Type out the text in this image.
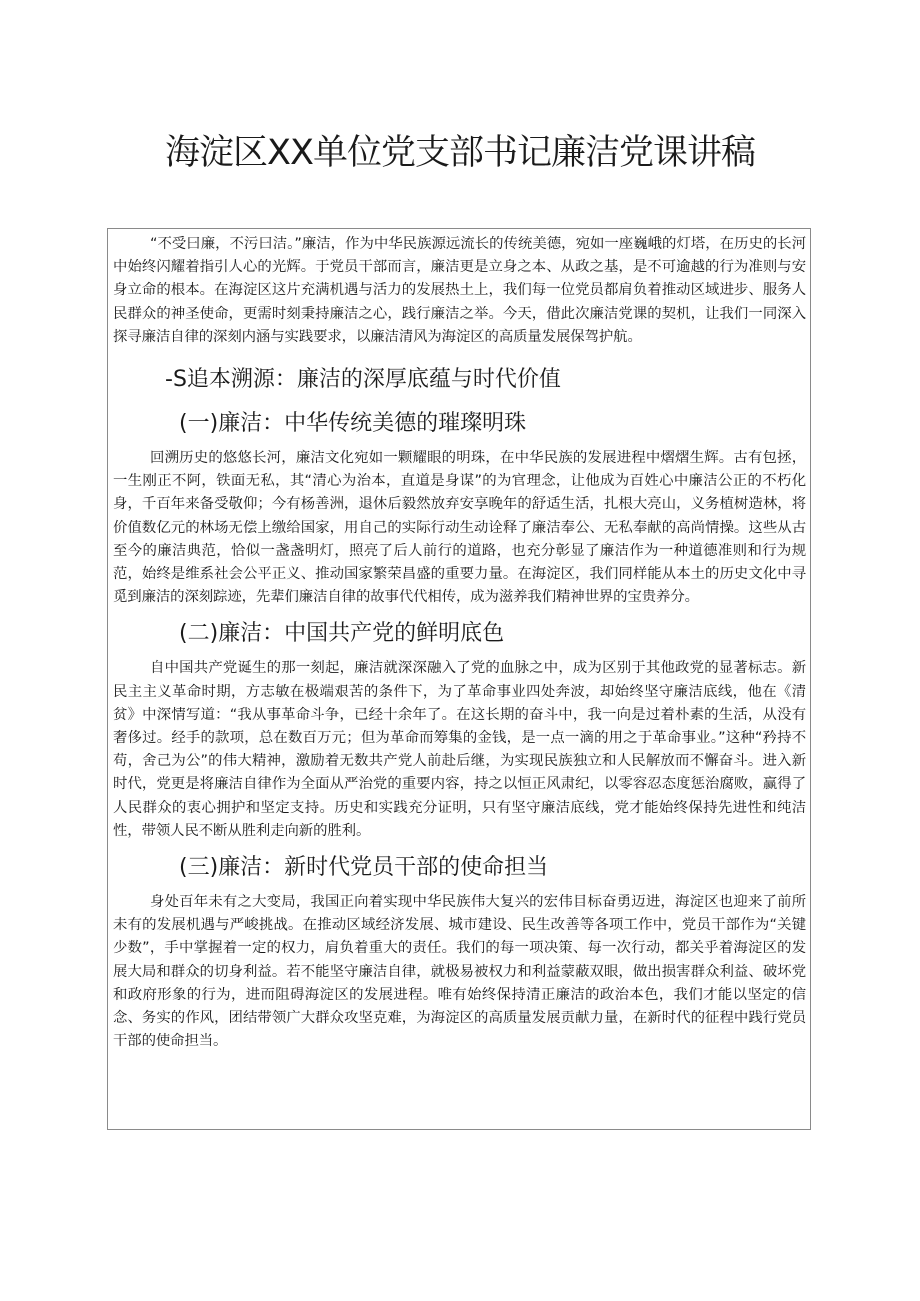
海淀区XX单位党支部书记廉洁党课讲稿

“不受曰廉，不污曰洁。”廉洁，作为中华民族源远流长的传统美德，宛如一座巍峨的灯塔，在历史的长河中始终闪耀着指引人心的光辉。于党员干部而言，廉洁更是立身之本、从政之基，是不可逾越的行为准则与安身立命的根本。在海淀区这片充满机遇与活力的发展热土上，我们每一位党员都肩负着推动区域进步、服务人民群众的神圣使命，更需时刻秉持廉洁之心，践行廉洁之举。今天，借此次廉洁党课的契机，让我们一同深入探寻廉洁自律的深刻内涵与实践要求，以廉洁清风为海淀区的高质量发展保驾护航。

-S追本溯源：廉洁的深厚底蕴与时代价值
(一)廉洁：中华传统美德的璀璨明珠

回溯历史的悠悠长河，廉洁文化宛如一颗耀眼的明珠，在中华民族的发展进程中熠熠生辉。古有包拯，一生刚正不阿，铁面无私，其“清心为治本，直道是身谋”的为官理念，让他成为百姓心中廉洁公正的不朽化身，千百年来备受敬仰；今有杨善洲，退休后毅然放弃安享晚年的舒适生活，扎根大亮山，义务植树造林，将价值数亿元的林场无偿上缴给国家，用自己的实际行动生动诠释了廉洁奉公、无私奉献的高尚情操。这些从古至今的廉洁典范，恰似一盏盏明灯，照亮了后人前行的道路，也充分彰显了廉洁作为一种道德准则和行为规范，始终是维系社会公平正义、推动国家繁荣昌盛的重要力量。在海淀区，我们同样能从本土的历史文化中寻觅到廉洁的深刻踪迹，先辈们廉洁自律的故事代代相传，成为滋养我们精神世界的宝贵养分。

(二)廉洁：中国共产党的鲜明底色

自中国共产党诞生的那一刻起，廉洁就深深融入了党的血脉之中，成为区别于其他政党的显著标志。新民主主义革命时期，方志敏在极端艰苦的条件下，为了革命事业四处奔波，却始终坚守廉洁底线，他在《清贫》中深情写道：“我从事革命斗争，已经十余年了。在这长期的奋斗中，我一向是过着朴素的生活，从没有奢侈过。经手的款项，总在数百万元；但为革命而筹集的金钱，是一点一滴的用之于革命事业。”这种“矜持不苟，舍己为公”的伟大精神，激励着无数共产党人前赴后继，为实现民族独立和人民解放而不懈奋斗。进入新时代，党更是将廉洁自律作为全面从严治党的重要内容，持之以恒正风肃纪，以零容忍态度惩治腐败，赢得了人民群众的衷心拥护和坚定支持。历史和实践充分证明，只有坚守廉洁底线，党才能始终保持先进性和纯洁性，带领人民不断从胜利走向新的胜利。

(三)廉洁：新时代党员干部的使命担当

身处百年未有之大变局，我国正向着实现中华民族伟大复兴的宏伟目标奋勇迈进，海淀区也迎来了前所未有的发展机遇与严峻挑战。在推动区域经济发展、城市建设、民生改善等各项工作中，党员干部作为“关键少数”，手中掌握着一定的权力，肩负着重大的责任。我们的每一项决策、每一次行动，都关乎着海淀区的发展大局和群众的切身利益。若不能坚守廉洁自律，就极易被权力和利益蒙蔽双眼，做出损害群众利益、破坏党和政府形象的行为，进而阻碍海淀区的发展进程。唯有始终保持清正廉洁的政治本色，我们才能以坚定的信念、务实的作风，团结带领广大群众攻坚克难，为海淀区的高质量发展贡献力量，在新时代的征程中践行党员干部的使命担当。
